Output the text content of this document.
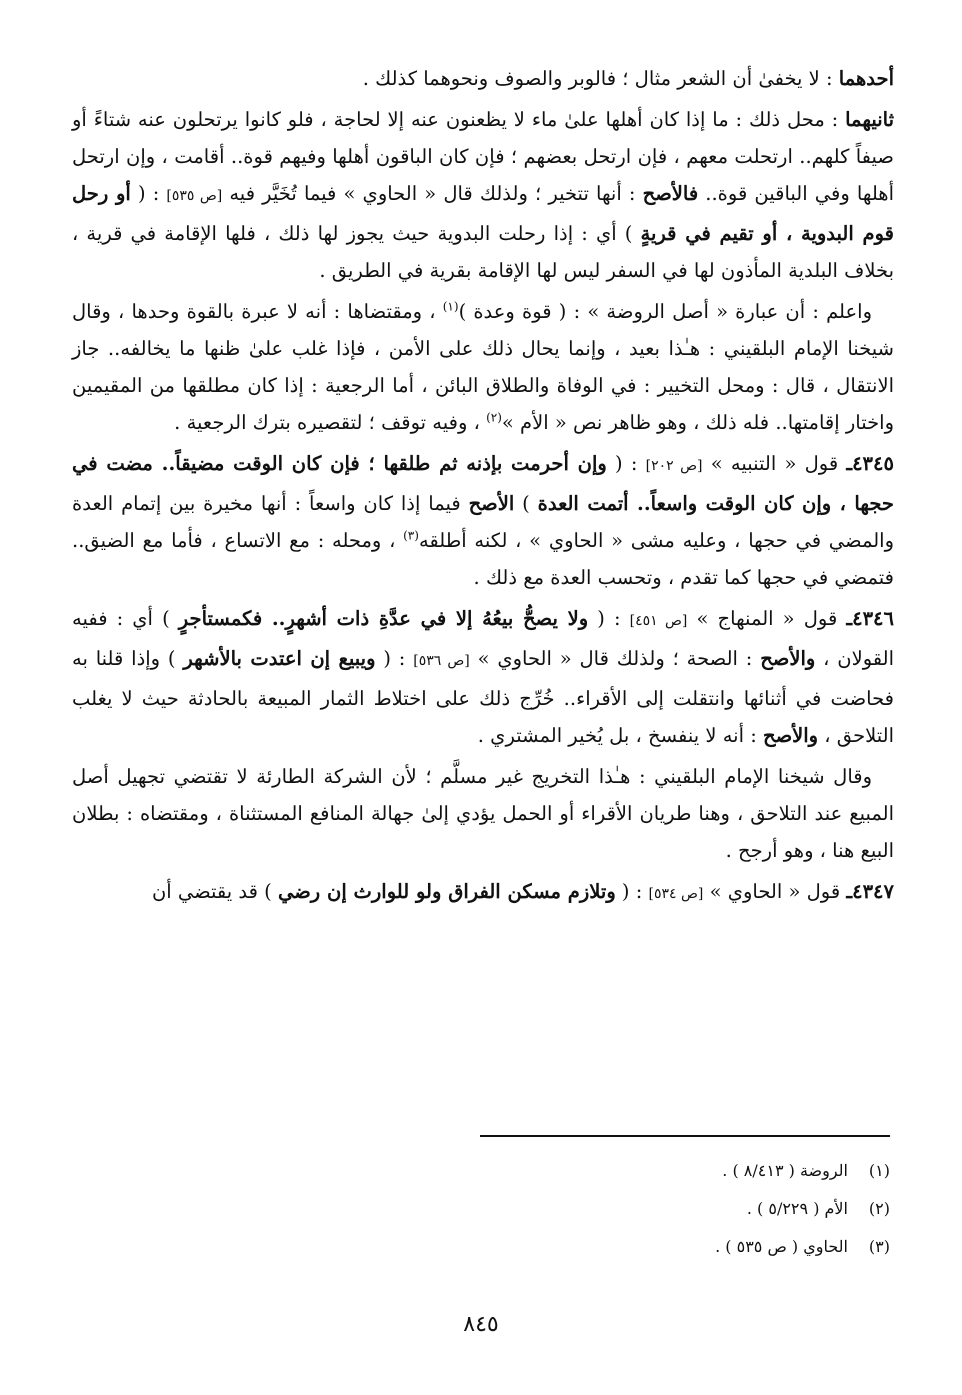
أحدهما : لا يخفىٰ أن الشعر مثال ؛ فالوبر والصوف ونحوهما كذلك .

ثانيهما : محل ذلك : ما إذا كان أهلها علىٰ ماء لا يظعنون عنه إلا لحاجة ، فلو كانوا يرتحلون عنه شتاءً أو صيفاً كلهم.. ارتحلت معهم ، فإن ارتحل بعضهم ؛ فإن كان الباقون أهلها وفيهم قوة.. أقامت ، وإن ارتحل أهلها وفي الباقين قوة.. فالأصح : أنها تتخير ؛ ولذلك قال « الحاوي » فيما تُخَيَّر فيه [ص ٥٣٥] : ( أو رحل قوم البدوية ، أو تقيم في قريةٍ ) أي : إذا رحلت البدوية حيث يجوز لها ذلك ، فلها الإقامة في قرية ، بخلاف البلدية المأذون لها في السفر ليس لها الإقامة بقرية في الطريق .

واعلم : أن عبارة « أصل الروضة » : ( قوة وعدة )$^{(١)}$ ، ومقتضاها : أنه لا عبرة بالقوة وحدها ، وقال شيخنا الإمام البلقيني : هـٰذا بعيد ، وإنما يحال ذلك على الأمن ، فإذا غلب علىٰ ظنها ما يخالفه.. جاز الانتقال ، قال : ومحل التخيير : في الوفاة والطلاق البائن ، أما الرجعية : إذا كان مطلقها من المقيمين واختار إقامتها.. فله ذلك ، وهو ظاهر نص « الأم »$^{(٢)}$ ، وفيه توقف ؛ لتقصيره بترك الرجعية .

٤٣٤٥ـ قول « التنبيه » [ص ٢٠٢] : ( وإن أحرمت بإذنه ثم طلقها ؛ فإن كان الوقت مضيقاً.. مضت في حجها ، وإن كان الوقت واسعاً.. أتمت العدة ) الأصح فيما إذا كان واسعاً : أنها مخيرة بين إتمام العدة والمضي في حجها ، وعليه مشى « الحاوي » ، لكنه أطلقه$^{(٣)}$ ، ومحله : مع الاتساع ، فأما مع الضيق.. فتمضي في حجها كما تقدم ، وتحسب العدة مع ذلك .

٤٣٤٦ـ قول « المنهاج » [ص ٤٥١] : ( ولا يصحُّ بيعُهُ إلا في عدَّةِ ذات أشهرٍ.. فكمستأجرٍ ) أي : ففيه القولان ، والأصح : الصحة ؛ ولذلك قال « الحاوي » [ص ٥٣٦] : ( ويبيع إن اعتدت بالأشهر ) وإذا قلنا به فحاضت في أثنائها وانتقلت إلى الأقراء.. خُرِّج ذلك على اختلاط الثمار المبيعة بالحادثة حيث لا يغلب التلاحق ، والأصح : أنه لا ينفسخ ، بل يُخير المشتري .

وقال شيخنا الإمام البلقيني : هـٰذا التخريج غير مسلَّم ؛ لأن الشركة الطارئة لا تقتضي تجهيل أصل المبيع عند التلاحق ، وهنا طريان الأقراء أو الحمل يؤدي إلىٰ جهالة المنافع المستثناة ، ومقتضاه : بطلان البيع هنا ، وهو أرجح .

٤٣٤٧ـ قول « الحاوي » [ص ٥٣٤] : ( وتلازم مسكن الفراق ولو للوارث إن رضي ) قد يقتضي أن

(١)الروضة ( ٨/٤١٣ ) .

(٢)الأم ( ٥/٢٢٩ ) .

(٣)الحاوي ( ص ٥٣٥ ) .

٨٤٥
